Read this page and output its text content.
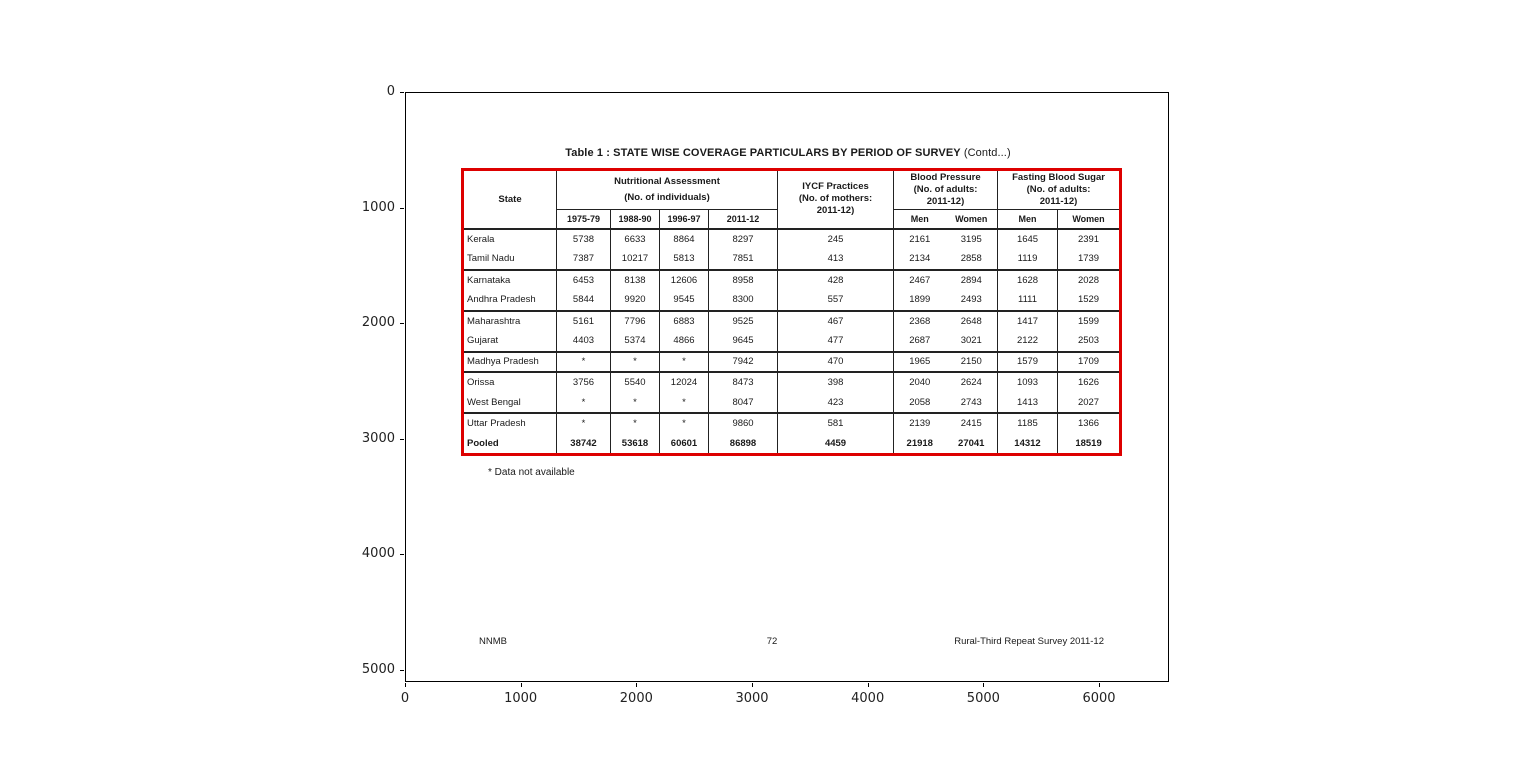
0	1000	2000	3000	4000	5000	6000
0
1000
2000
3000
4000
5000
Table 1 : STATE WISE COVERAGE PARTICULARS BY PERIOD OF SURVEY (Contd...)
State	
Nutritional Assessment
(No. of individuals)

IYCF Practices
(No. of mothers:
2011-12)

Blood Pressure
(No. of adults:
2011-12)

Fasting Blood Sugar
(No. of adults:
2011-12)

	1975-79	1988-90	1996-97	2011-12		Men	Women	Men	Women
Kerala	5738	6633	8864	8297	245	2161	3195	1645	2391
Tamil Nadu	7387	10217	5813	7851	413	2134	2858	1119	1739
Karnataka	6453	8138	12606	8958	428	2467	2894	1628	2028
Andhra Pradesh	5844	9920	9545	8300	557	1899	2493	1111	1529
Maharashtra	5161	7796	6883	9525	467	2368	2648	1417	1599
Gujarat	4403	5374	4866	9645	477	2687	3021	2122	2503
Madhya Pradesh	*	*	*	7942	470	1965	2150	1579	1709
Orissa	3756	5540	12024	8473	398	2040	2624	1093	1626
West Bengal	*	*	*	8047	423	2058	2743	1413	2027
Uttar Pradesh	*	*	*	9860	581	2139	2415	1185	1366
Pooled	38742	53618	60601	86898	4459	21918	27041	14312	18519
* Data not available
NNMB	72	Rural-Third Repeat Survey 2011-12
